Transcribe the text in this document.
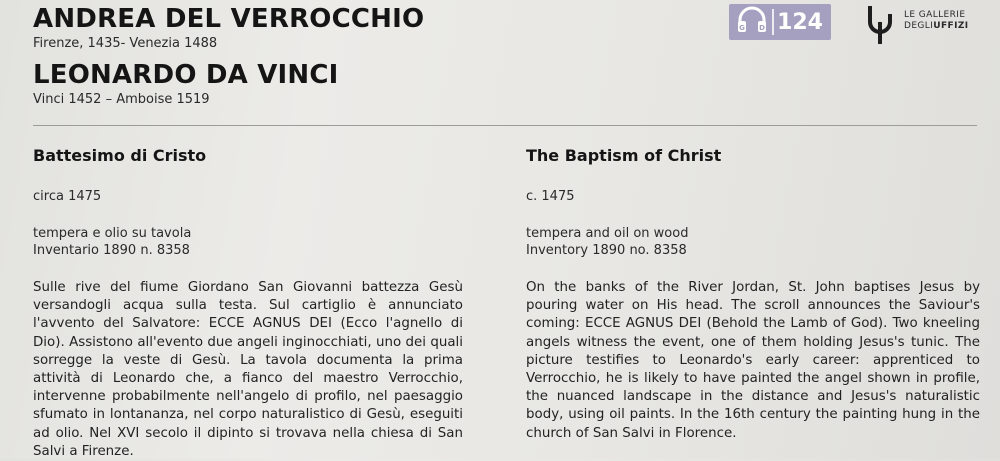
ANDREA DEL VERROCCHIO
Firenze, 1435- Venezia 1488
LEONARDO DA VINCI
Vinci 1452 – Amboise 1519
G D 124	LE GALLERIE
DEGLIUFFIZI
Battesimo di Cristo
circa 1475
tempera e olio su tavola
Inventario 1890 n. 8358
Sulle rive del fiume Giordano San Giovanni battezza Gesù versandogli acqua sulla testa. Sul cartiglio è annunciato l'avvento del Salvatore: ECCE AGNUS DEI (Ecco l'agnello di Dio). Assistono all'evento due angeli inginocchiati, uno dei quali sorregge la veste di Gesù. La tavola documenta la prima attività di Leonardo che, a fianco del maestro Verrocchio, intervenne probabilmente nell'angelo di profilo, nel paesaggio sfumato in lontananza, nel corpo naturalistico di Gesù, eseguiti ad olio. Nel XVI secolo il dipinto si trovava nella chiesa di San Salvi a Firenze.
The Baptism of Christ
c. 1475
tempera and oil on wood
Inventory 1890 no. 8358
On the banks of the River Jordan, St. John baptises Jesus by pouring water on His head. The scroll announces the Saviour's coming: ECCE AGNUS DEI (Behold the Lamb of God). Two kneeling angels witness the event, one of them holding Jesus's tunic. The picture testifies to Leonardo's early career: apprenticed to Verrocchio, he is likely to have painted the angel shown in profile, the nuanced landscape in the distance and Jesus's naturalistic body, using oil paints. In the 16th century the painting hung in the church of San Salvi in Florence.
